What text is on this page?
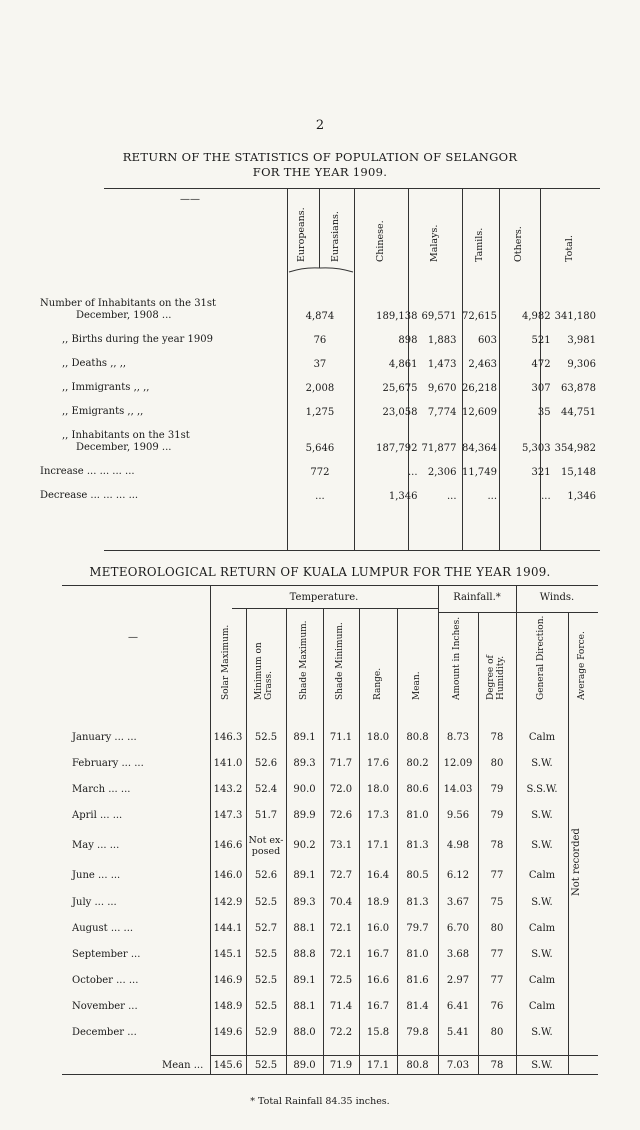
2
RETURN OF THE STATISTICS OF POPULATION OF SELANGOR
FOR THE YEAR 1909.
——
Europeans. Eurasians.	Chinese.	Malays.	Tamils.	Others.	Total.
Number of Inhabitants on the 31st
December, 1908 ...	4,874	189,138	69,571	72,615	4,982	341,180

,, Births during the year 1909	76	898	1,883	603	521	3,981

,, Deaths ,, ,,	37	4,861	1,473	2,463	472	9,306

,, Immigrants ,, ,,	2,008	25,675	9,670	26,218	307	63,878

,, Emigrants ,, ,,	1,275	23,058	7,774	12,609	35	44,751

,, Inhabitants on the 31st
December, 1909 ...	5,646	187,792	71,877	84,364	5,303	354,982

Increase ... ... ... ...	772	...	2,306	11,749	321	15,148

Decrease ... ... ... ...	...	1,346	...	...	...	1,346
METEOROLOGICAL RETURN OF KUALA LUMPUR FOR THE YEAR 1909.
—
Temperature.	Rainfall.*	Winds.
Solar Maximum.	Minimum on Grass.	Shade Maximum.	Shade Minimum.	Range.	Mean.	Amount in Inches.	Degree of Humidity.	General Direction.	Average Force.
Not recorded
January ... ...	146.3	52.5	89.1	71.1	18.0	80.8	8.73	78	Calm	
February ... ...	141.0	52.6	89.3	71.7	17.6	80.2	12.09	80	S.W.	
March ... ...	143.2	52.4	90.0	72.0	18.0	80.6	14.03	79	S.S.W.	
April ... ...	147.3	51.7	89.9	72.6	17.3	81.0	9.56	79	S.W.	
May ... ...	146.6	Not ex- posed	90.2	73.1	17.1	81.3	4.98	78	S.W.	
June ... ...	146.0	52.6	89.1	72.7	16.4	80.5	6.12	77	Calm	
July ... ...	142.9	52.5	89.3	70.4	18.9	81.3	3.67	75	S.W.	
August ... ...	144.1	52.7	88.1	72.1	16.0	79.7	6.70	80	Calm	
September ...	145.1	52.5	88.8	72.1	16.7	81.0	3.68	77	S.W.	
October ... ...	146.9	52.5	89.1	72.5	16.6	81.6	2.97	77	Calm	
November ...	148.9	52.5	88.1	71.4	16.7	81.4	6.41	76	Calm	
December ...	149.6	52.9	88.0	72.2	15.8	79.8	5.41	80	S.W.	
Mean ...	145.6	52.5	89.0	71.9	17.1	80.8	7.03	78	S.W.	
* Total Rainfall 84.35 inches.
